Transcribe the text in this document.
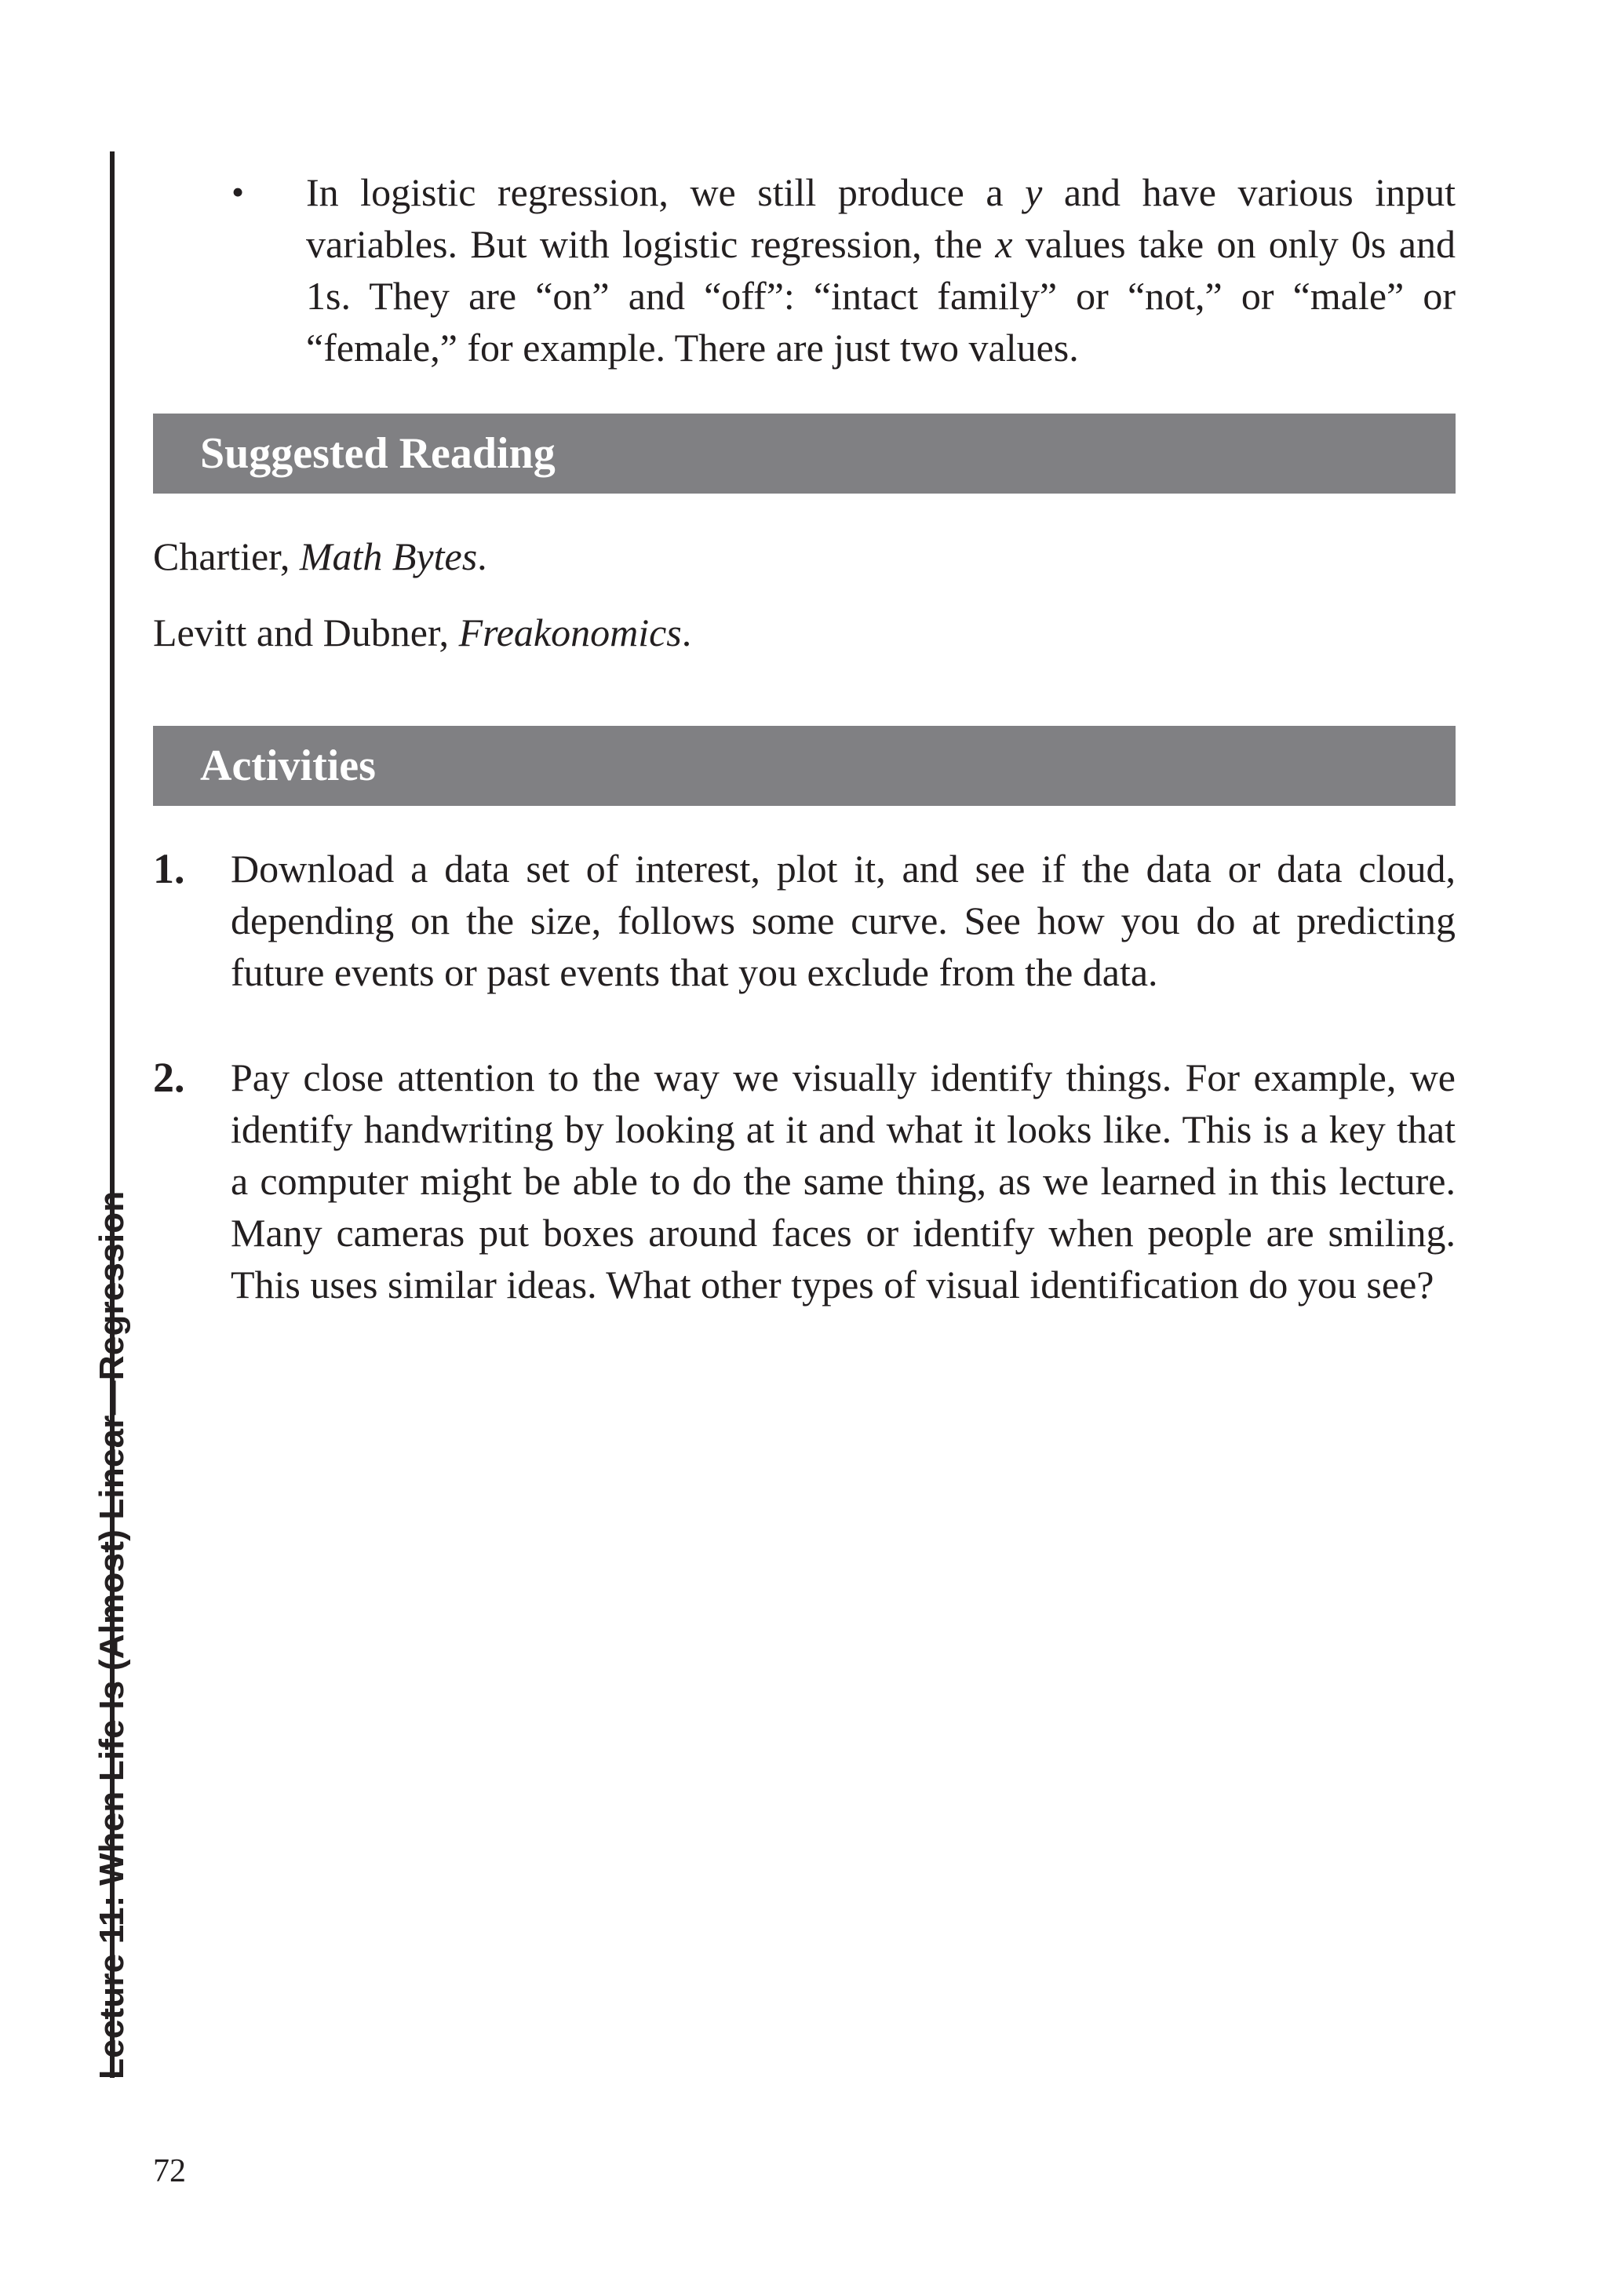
Lecture 11: When Life Is (Almost) Linear—Regression
• In logistic regression, we still produce a y and have various input variables. But with logistic regression, the x values take on only 0s and 1s. They are “on” and “off”: “intact family” or “not,” or “male” or “female,” for example. There are just two values.

Suggested Reading

Chartier, Math Bytes.

Levitt and Dubner, Freakonomics.

Activities
1. Download a data set of interest, plot it, and see if the data or data cloud, depending on the size, follows some curve. See how you do at predicting future events or past events that you exclude from the data.

2. Pay close attention to the way we visually identify things. For example, we identify handwriting by looking at it and what it looks like. This is a key that a computer might be able to do the same thing, as we learned in this lecture. Many cameras put boxes around faces or identify when people are smiling. This uses similar ideas. What other types of visual identification do you see?

72
